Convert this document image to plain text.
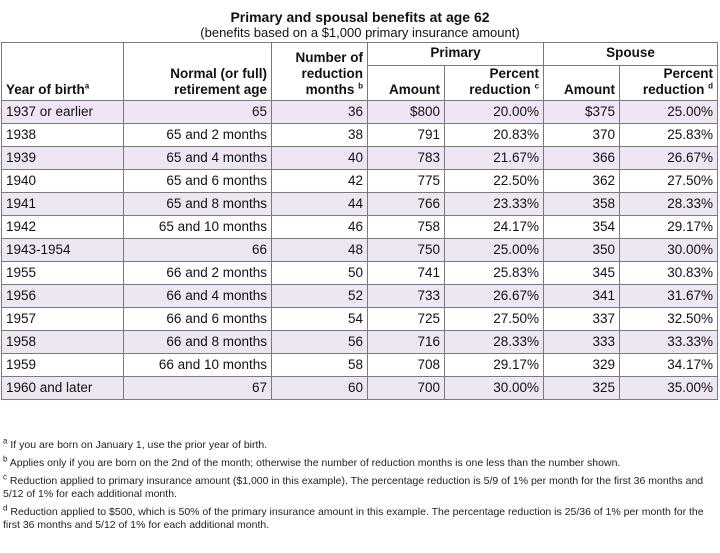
Primary and spousal benefits at age 62
(benefits based on a $1,000 primary insurance amount)
Year of birth$^a$	Normal (or full) retirement age	Number of reduction months $^b$	Primary		Spouse	
			Amount	Percent reduction $^c$	Amount	Percent reduction $^d$
1937 or earlier	65	36	$800	20.00%	$375	25.00%
1938	65 and 2 months	38	791	20.83%	370	25.83%
1939	65 and 4 months	40	783	21.67%	366	26.67%
1940	65 and 6 months	42	775	22.50%	362	27.50%
1941	65 and 8 months	44	766	23.33%	358	28.33%
1942	65 and 10 months	46	758	24.17%	354	29.17%
1943-1954	66	48	750	25.00%	350	30.00%
1955	66 and 2 months	50	741	25.83%	345	30.83%
1956	66 and 4 months	52	733	26.67%	341	31.67%
1957	66 and 6 months	54	725	27.50%	337	32.50%
1958	66 and 8 months	56	716	28.33%	333	33.33%
1959	66 and 10 months	58	708	29.17%	329	34.17%
1960 and later	67	60	700	30.00%	325	35.00%
$^a$ If you are born on January 1, use the prior year of birth.
$^b$ Applies only if you are born on the 2nd of the month; otherwise the number of reduction months is one less than the number shown.
$^c$ Reduction applied to primary insurance amount ($1,000 in this example). The percentage reduction is 5/9 of 1% per month for the first 36 months and 5/12 of 1% for each additional month.
$^d$ Reduction applied to $500, which is 50% of the primary insurance amount in this example. The percentage reduction is 25/36 of 1% per month for the first 36 months and 5/12 of 1% for each additional month.
